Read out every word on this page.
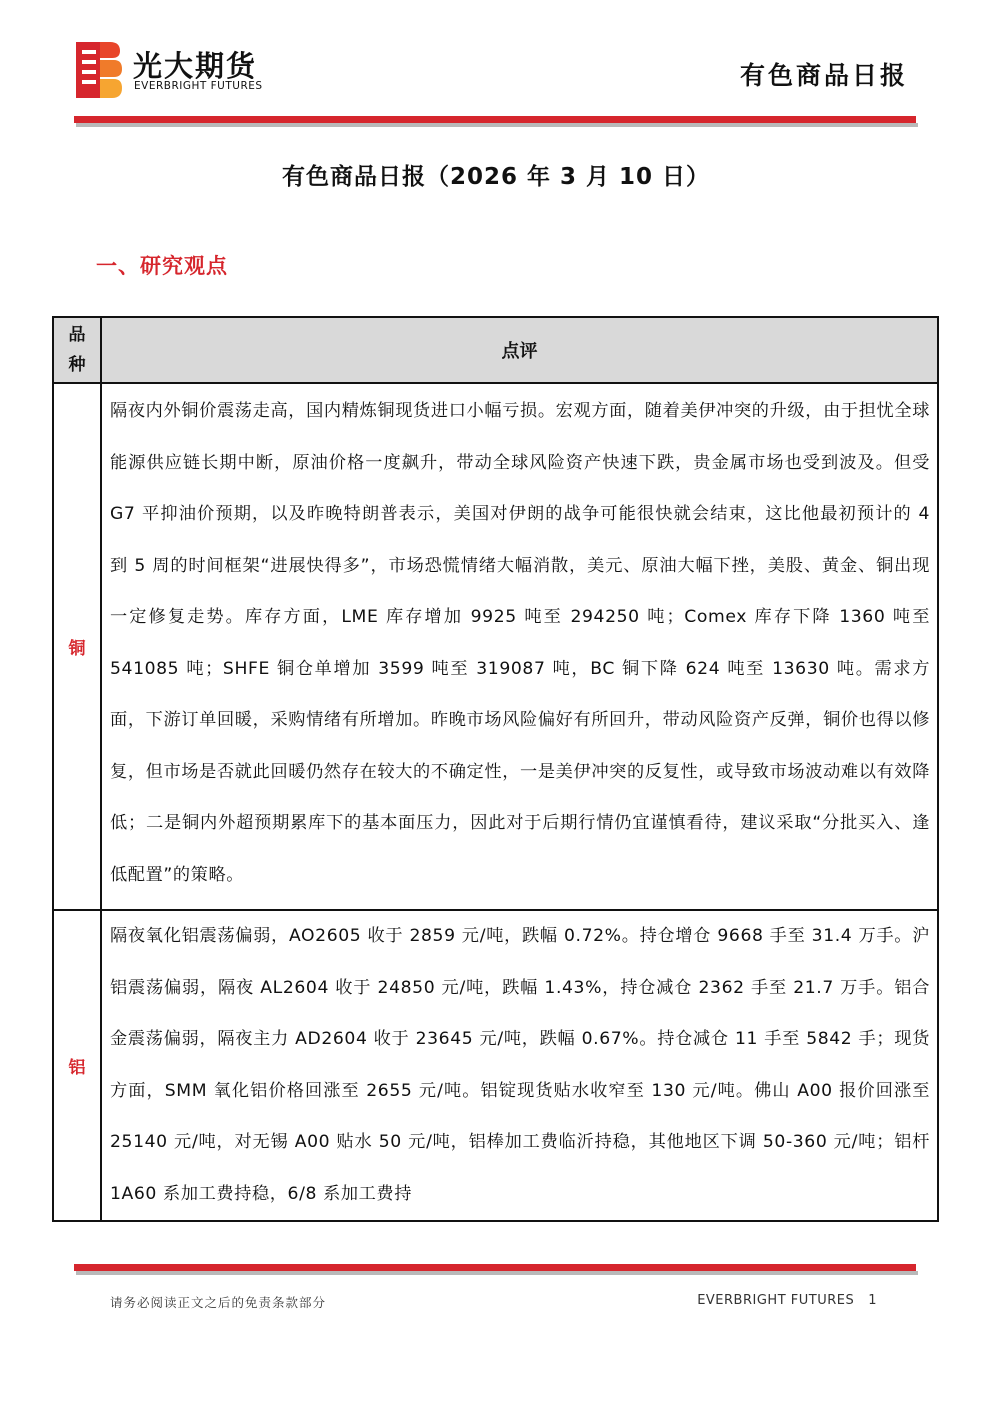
光大期货
EVERBRIGHT FUTURES	有色商品日报
有色商品日报（2026 年 3 月 10 日）
一、研究观点
品
种	点评
铜	隔夜内外铜价震荡走高，国内精炼铜现货进口小幅亏损。宏观方面，随着美伊冲突的升级，由于担忧全球能源供应链长期中断，原油价格一度飙升，带动全球风险资产快速下跌，贵金属市场也受到波及。但受 G7 平抑油价预期，以及昨晚特朗普表示，美国对伊朗的战争可能很快就会结束，这比他最初预计的 4 到 5 周的时间框架“进展快得多”，市场恐慌情绪大幅消散，美元、原油大幅下挫，美股、黄金、铜出现一定修复走势。库存方面，LME 库存增加 9925 吨至 294250 吨；Comex 库存下降 1360 吨至 541085 吨；SHFE 铜仓单增加 3599 吨至 319087 吨，BC 铜下降 624 吨至 13630 吨。需求方面，下游订单回暖，采购情绪有所增加。昨晚市场风险偏好有所回升，带动风险资产反弹，铜价也得以修复，但市场是否就此回暖仍然存在较大的不确定性，一是美伊冲突的反复性，或导致市场波动难以有效降低；二是铜内外超预期累库下的基本面压力，因此对于后期行情仍宜谨慎看待，建议采取“分批买入、逢低配置”的策略。

铝	隔夜氧化铝震荡偏弱，AO2605 收于 2859 元/吨，跌幅 0.72%。持仓增仓 9668 手至 31.4 万手。沪铝震荡偏弱，隔夜 AL2604 收于 24850 元/吨，跌幅 1.43%，持仓减仓 2362 手至 21.7 万手。铝合金震荡偏弱，隔夜主力 AD2604 收于 23645 元/吨，跌幅 0.67%。持仓减仓 11 手至 5842 手；现货方面，SMM 氧化铝价格回涨至 2655 元/吨。铝锭现货贴水收窄至 130 元/吨。佛山 A00 报价回涨至 25140 元/吨，对无锡 A00 贴水 50 元/吨，铝棒加工费临沂持稳，其他地区下调 50-360 元/吨；铝杆 1A60 系加工费持稳，6/8 系加工费持

请务必阅读正文之后的免责条款部分	EVERBRIGHT FUTURES 1
